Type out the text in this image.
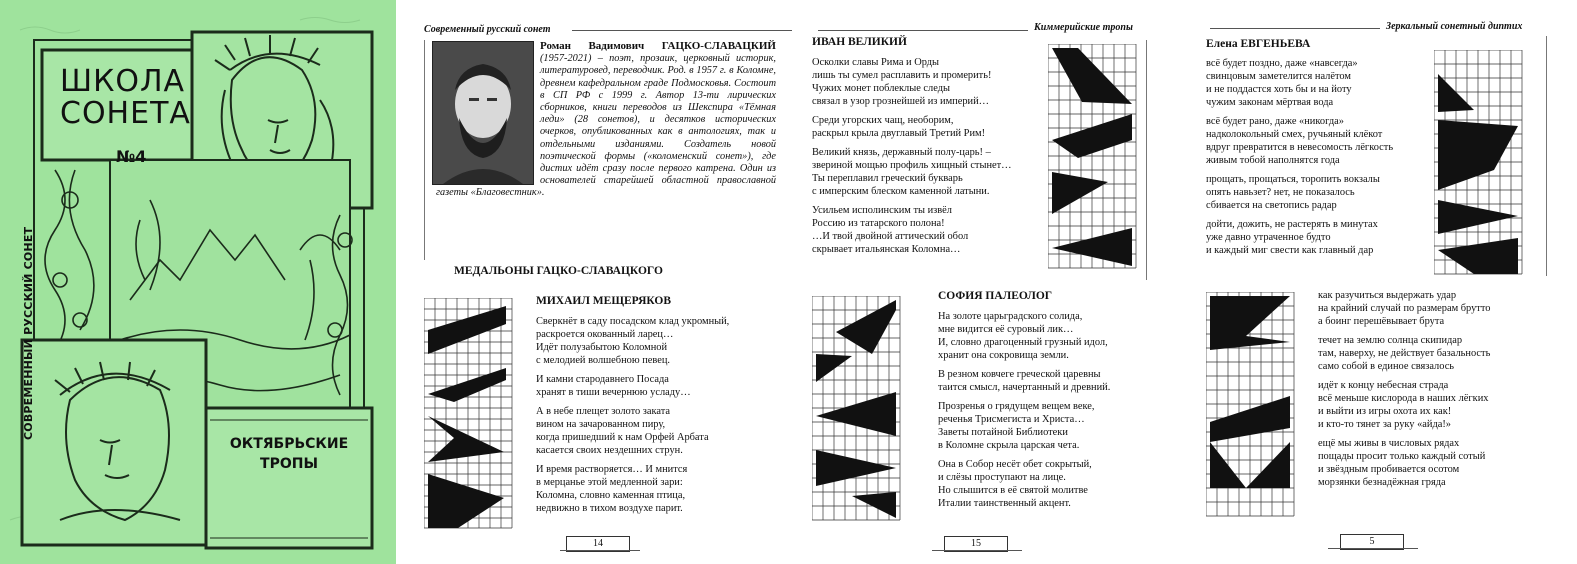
ШКОЛА
СОНЕТА
№4
СОВРЕМЕННЫЙ РУССКИЙ СОНЕТ
ОКТЯБРЬСКИЕ
ТРОПЫ
Современный русский сонет
Роман Вадимович ГАЦКО-СЛАВАЦКИЙ (1957-2021) – поэт, прозаик, церковный историк, литературовед, переводчик. Род. в 1957 г. в Коломне, древнем кафедральном граде Подмосковья. Состоит в СП РФ с 1999 г. Автор 13-ти лирических сборников, книги переводов из Шекспира «Тёмная леди» (28 сонетов), и десятков исторических очерков, опубликованных как в антологиях, так и отдельными изданиями. Создатель новой поэтической формы («коломенский сонет»), где дистих идёт сразу после первого катрена. Один из основателей старейшей областной православной газеты «Благовестник».
МЕДАЛЬОНЫ ГАЦКО-СЛАВАЦКОГО
МИХАИЛ МЕЩЕРЯКОВ

Сверкнёт в саду посадском клад укромный,
раскроется окованный ларец…
Идёт полузабытою Коломной
с мелодией волшебною певец.

И камни стародавнего Посада
хранят в тиши вечернюю усладу…

А в небе плещет золото заката
вином на зачарованном пиру,
когда пришедший к нам Орфей Арбата
касается своих нездешних струн.

И время растворяется… И мнится
в мерцанье этой медленной зари:
Коломна, словно каменная птица,
недвижно в тихом воздухе парит.

14
Киммерийские тропы
ИВАН ВЕЛИКИЙ

Осколки славы Рима и Орды
лишь ты сумел расплавить и промерить!
Чужих монет поблеклые следы
связал в узор грознейшей из империй…

Среди угорских чащ, необорим,
раскрыл крыла двуглавый Третий Рим!

Великий князь, державный полу-царь! –
звериной мощью профиль хищный стынет…
Ты переплавил греческий букварь
с имперским блеском каменной латыни.

Усильем исполинским ты извёл
Россию из татарского полона!
…И твой двойной аттический обол
скрывает итальянская Коломна…

СОФИЯ ПАЛЕОЛОГ

На золоте царьградского солида,
мне видится её суровый лик…
И, словно драгоценный грузный идол,
хранит она сокровища земли.

В резном ковчеге греческой царевны
таится смысл, начертанный и древний.

Прозренья о грядущем вещем веке,
реченья Трисмегиста и Христа…
Заветы потайной Библиотеки
в Коломне скрыла царская чета.

Она в Собор несёт обет сокрытый,
и слёзы проступают на лице.
Но слышится в её святой молитве
Италии таинственный акцент.

15
Зеркальный сонетный диптих
Елена ЕВГЕНЬЕВА

всё будет поздно, даже «навсегда»
свинцовым заметелится налётом
и не поддастся хоть бы и на йоту
чужим законам мёртвая вода

всё будет рано, даже «никогда»
надколокольный смех, ручьяный клёкот
вдруг превратится в невесомость лёгкость
живым тобой наполнятся года

прощать, прощаться, торопить вокзалы
опять навьзет? нет, не показалось
сбивается на светопись радар

дойти, дожить, не растерять в минутах
уже давно утраченное будто
и каждый миг свести как главный дар

как разучиться выдержать удар
на крайний случай по размерам брутто
а боинг перешёвывает брута

течет на землю солнца скипидар
там, наверху, не действует базальность
само собой в единое связалось

идёт к концу небесная страда
всё меньше кислорода в наших лёгких
и выйти из игры охота их как!
и кто-то тянет за руку «айда!»

ещё мы живы в числовых рядах
пощады просит только каждый сотый
и звёздным пробивается осотом
морзянки безнадёжная гряда

5
